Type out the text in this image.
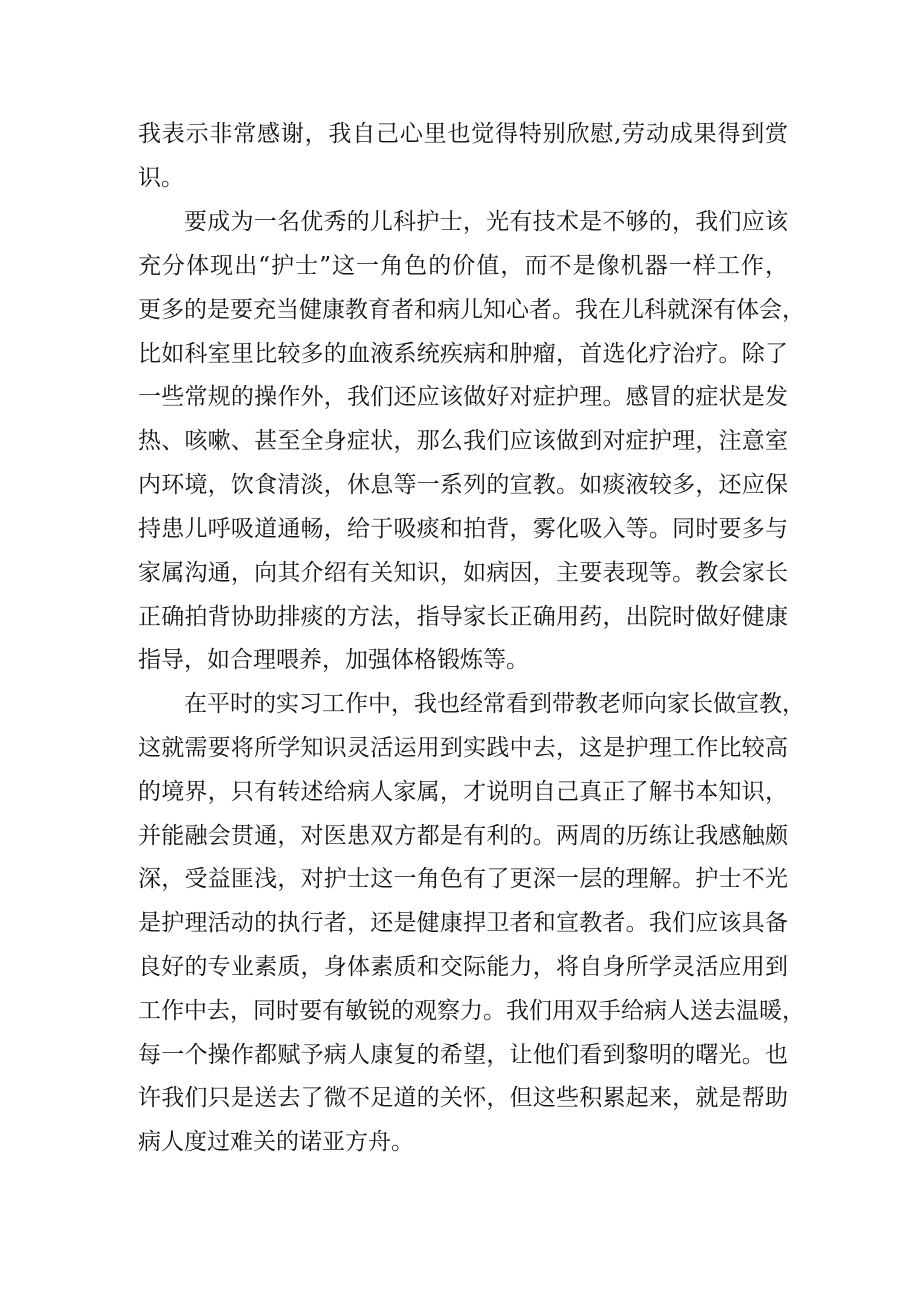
我表示非常感谢，我自己心里也觉得特别欣慰,劳动成果得到赏

识。

要成为一名优秀的儿科护士，光有技术是不够的，我们应该

充分体现出“护士”这一角色的价值，而不是像机器一样工作，

更多的是要充当健康教育者和病儿知心者。我在儿科就深有体会，

比如科室里比较多的血液系统疾病和肿瘤，首选化疗治疗。除了

一些常规的操作外，我们还应该做好对症护理。感冒的症状是发

热、咳嗽、甚至全身症状，那么我们应该做到对症护理，注意室

内环境，饮食清淡，休息等一系列的宣教。如痰液较多，还应保

持患儿呼吸道通畅，给于吸痰和拍背，雾化吸入等。同时要多与

家属沟通，向其介绍有关知识，如病因，主要表现等。教会家长

正确拍背协助排痰的方法，指导家长正确用药，出院时做好健康

指导，如合理喂养，加强体格锻炼等。

在平时的实习工作中，我也经常看到带教老师向家长做宣教，

这就需要将所学知识灵活运用到实践中去，这是护理工作比较高

的境界，只有转述给病人家属，才说明自己真正了解书本知识，

并能融会贯通，对医患双方都是有利的。两周的历练让我感触颇

深，受益匪浅，对护士这一角色有了更深一层的理解。护士不光

是护理活动的执行者，还是健康捍卫者和宣教者。我们应该具备

良好的专业素质，身体素质和交际能力，将自身所学灵活应用到

工作中去，同时要有敏锐的观察力。我们用双手给病人送去温暖，

每一个操作都赋予病人康复的希望，让他们看到黎明的曙光。也

许我们只是送去了微不足道的关怀，但这些积累起来，就是帮助

病人度过难关的诺亚方舟。
